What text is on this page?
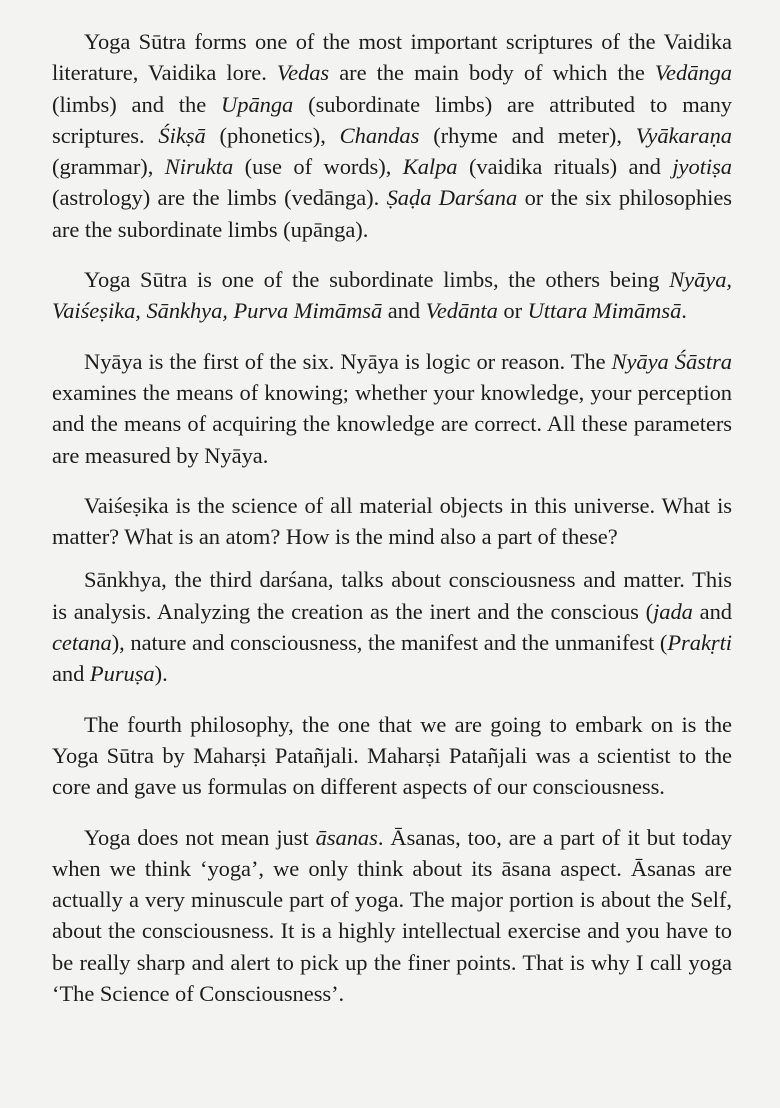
Yoga Sūtra forms one of the most important scriptures of the Vaidika literature, Vaidika lore. Vedas are the main body of which the Vedānga (limbs) and the Upānga (subordinate limbs) are attributed to many scriptures. Śikṣā (phonetics), Chandas (rhyme and meter), Vyākaraṇa (grammar), Nirukta (use of words), Kalpa (vaidika rituals) and jyotiṣa (astrology) are the limbs (vedānga). Ṣaḍa Darśana or the six philosophies are the subordinate limbs (upānga).

Yoga Sūtra is one of the subordinate limbs, the others being Nyāya, Vaiśeṣika, Sānkhya, Purva Mimāmsā and Vedānta or Uttara Mimāmsā.

Nyāya is the first of the six. Nyāya is logic or reason. The Nyāya Śāstra examines the means of knowing; whether your knowledge, your perception and the means of acquiring the knowledge are correct. All these parameters are measured by Nyāya.

Vaiśeṣika is the science of all material objects in this universe. What is matter? What is an atom? How is the mind also a part of these?

Sānkhya, the third darśana, talks about consciousness and matter. This is analysis. Analyzing the creation as the inert and the conscious (jada and cetana), nature and consciousness, the manifest and the unmanifest (Prakṛti and Puruṣa).

The fourth philosophy, the one that we are going to embark on is the Yoga Sūtra by Maharṣi Patañjali. Maharṣi Patañjali was a scientist to the core and gave us formulas on different aspects of our consciousness.

Yoga does not mean just āsanas. Āsanas, too, are a part of it but today when we think ‘yoga’, we only think about its āsana aspect. Āsanas are actually a very minuscule part of yoga. The major portion is about the Self, about the consciousness. It is a highly intellectual exercise and you have to be really sharp and alert to pick up the finer points. That is why I call yoga ‘The Science of Consciousness’.
